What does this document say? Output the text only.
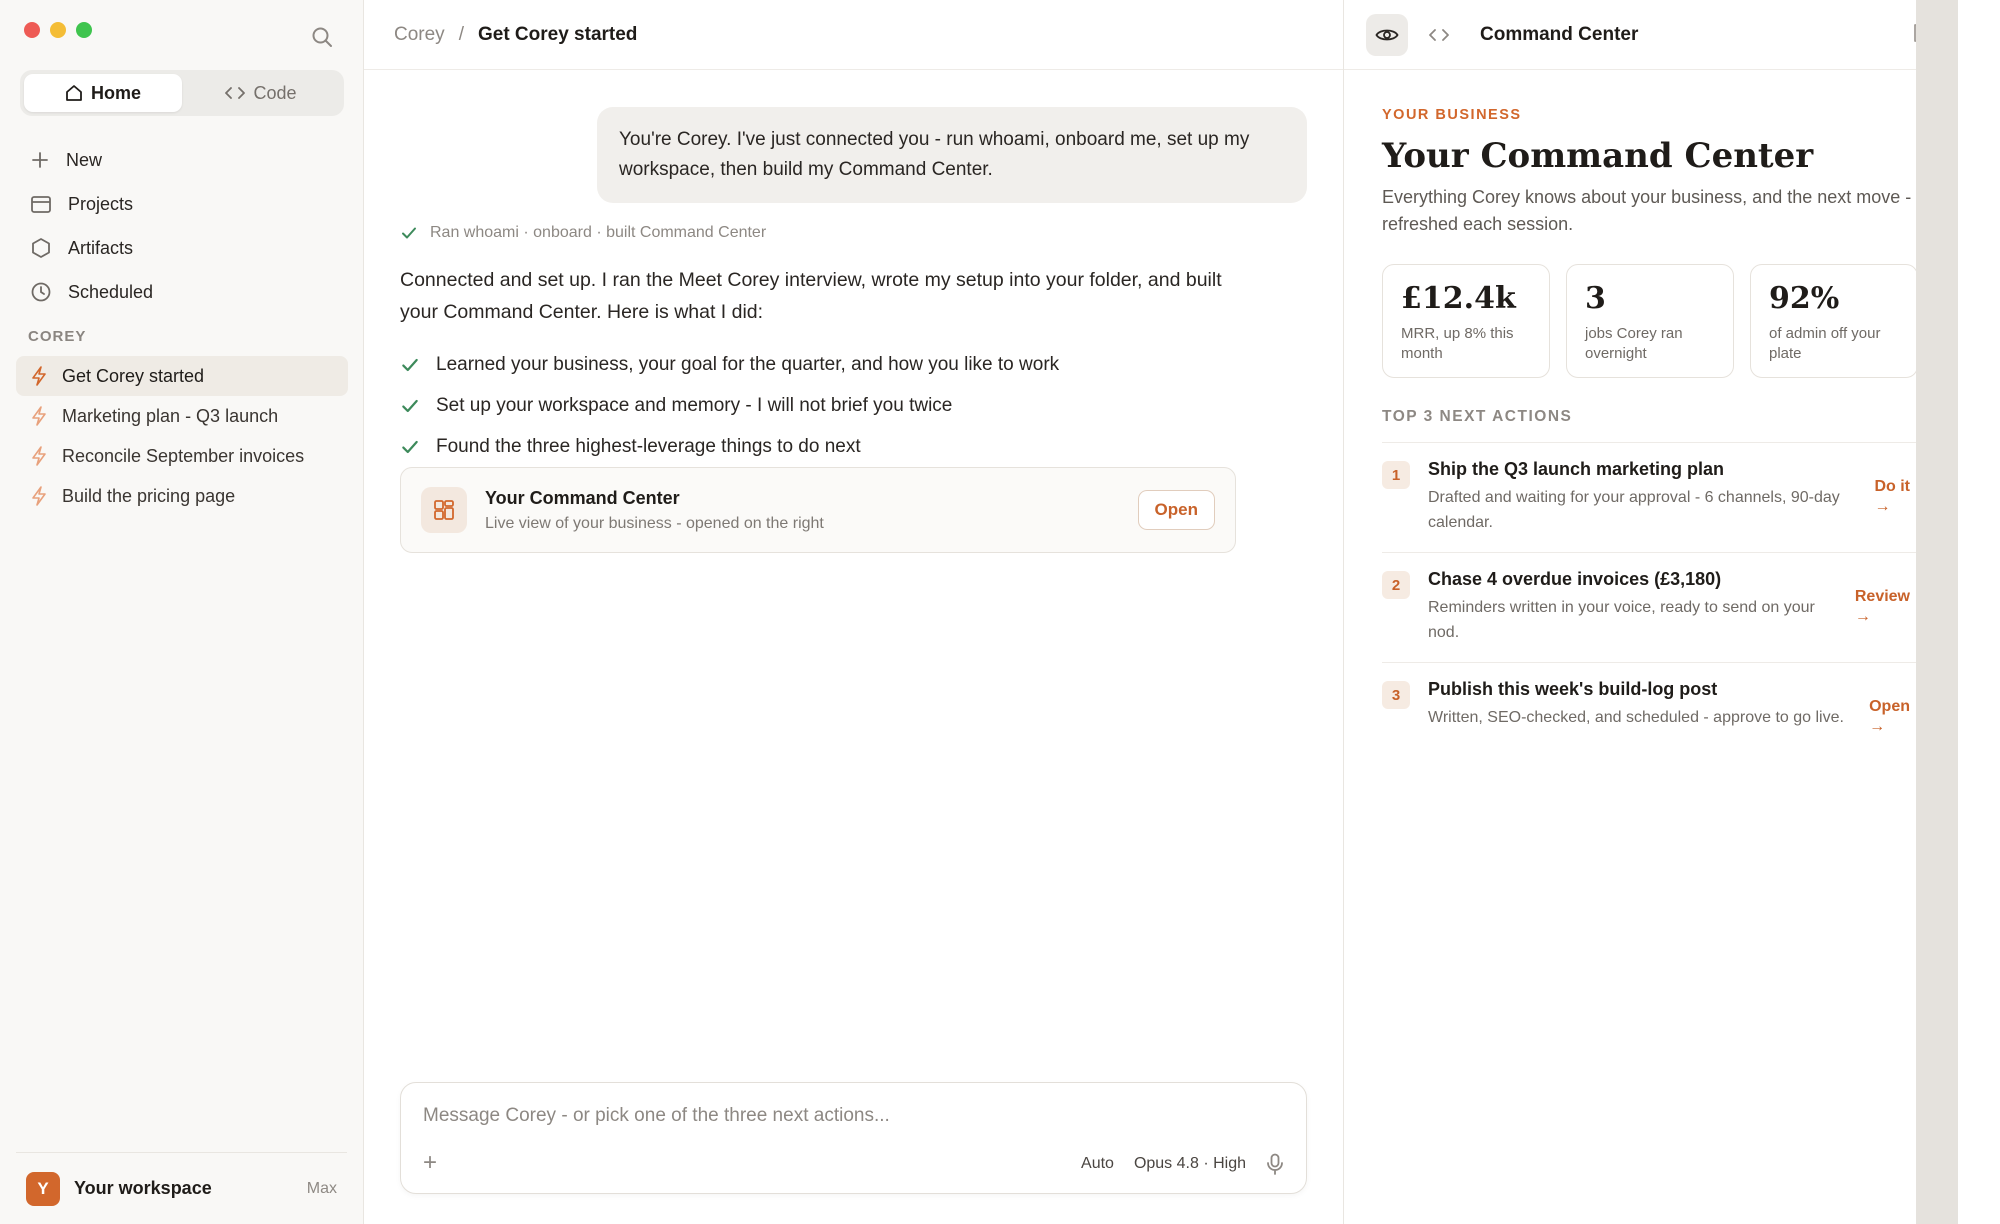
Home	Code
New
Projects
Artifacts
Scheduled
COREY
Get Corey started
Marketing plan - Q3 launch
Reconcile September invoices
Build the pricing page
Y	Your workspace	Max
Corey / Get Corey started
You're Corey. I've just connected you - run whoami, onboard me, set up my workspace, then build my Command Center.
Ran whoami · onboard · built Command Center
Connected and set up. I ran the Meet Corey interview, wrote my setup into your folder, and built your Command Center. Here is what I did:
Learned your business, your goal for the quarter, and how you like to work
Set up your workspace and memory - I will not brief you twice
Found the three highest-leverage things to do next
Your Command Center
Live view of your business - opened on the right
Open
Message Corey - or pick one of the three next actions...
+	Auto Opus 4.8 · High
Command Center
YOUR BUSINESS
Your Command Center
Everything Corey knows about your business, and the next move - refreshed each session.
£12.4k
MRR, up 8% this month
3
jobs Corey ran overnight
92%
of admin off your plate
TOP 3 NEXT ACTIONS
1	Ship the Q3 launch marketing plan
Drafted and waiting for your approval - 6 channels, 90-day calendar.
Do it
→
2	Chase 4 overdue invoices (£3,180)
Reminders written in your voice, ready to send on your nod.
Review
→
3	Publish this week's build-log post
Written, SEO-checked, and scheduled - approve to go live.
Open
→
